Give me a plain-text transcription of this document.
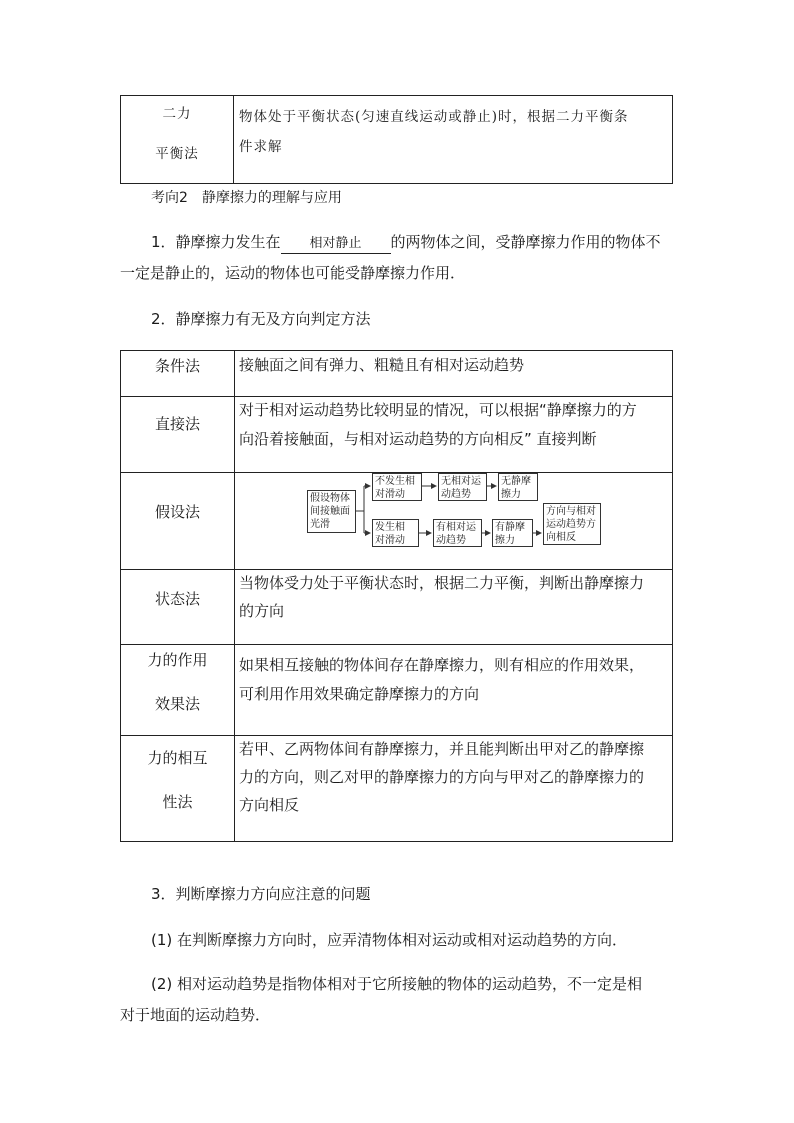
二力
平衡法
物体处于平衡状态(匀速直线运动或静止)时，根据二力平衡条
件求解
考向2　静摩擦力的理解与应用
1．静摩擦力发生在 相对静止 的两物体之间，受静摩擦力作用的物体不
一定是静止的，运动的物体也可能受静摩擦力作用．
2．静摩擦力有无及方向判定方法
条件法	接触面之间有弹力、粗糙且有相对运动趋势
直接法
对于相对运动趋势比较明显的情况，可以根据“静摩擦力的方
向沿着接触面，与相对运动趋势的方向相反” 直接判断
假设法
状态法
当物体受力处于平衡状态时，根据二力平衡，判断出静摩擦力
的方向
力的作用
效果法
如果相互接触的物体间存在静摩擦力，则有相应的作用效果，
可利用作用效果确定静摩擦力的方向
力的相互
性法
若甲、乙两物体间有静摩擦力，并且能判断出甲对乙的静摩擦
力的方向，则乙对甲的静摩擦力的方向与甲对乙的静摩擦力的
方向相反
假设物体
间接触面
光滑
不发生相
对滑动
无相对运
动趋势
无静摩
擦力
发生相
对滑动
有相对运
动趋势
有静摩
擦力
方向与相对
运动趋势方
向相反
3．判断摩擦力方向应注意的问题
(1) 在判断摩擦力方向时，应弄清物体相对运动或相对运动趋势的方向．
(2) 相对运动趋势是指物体相对于它所接触的物体的运动趋势，不一定是相
对于地面的运动趋势．
